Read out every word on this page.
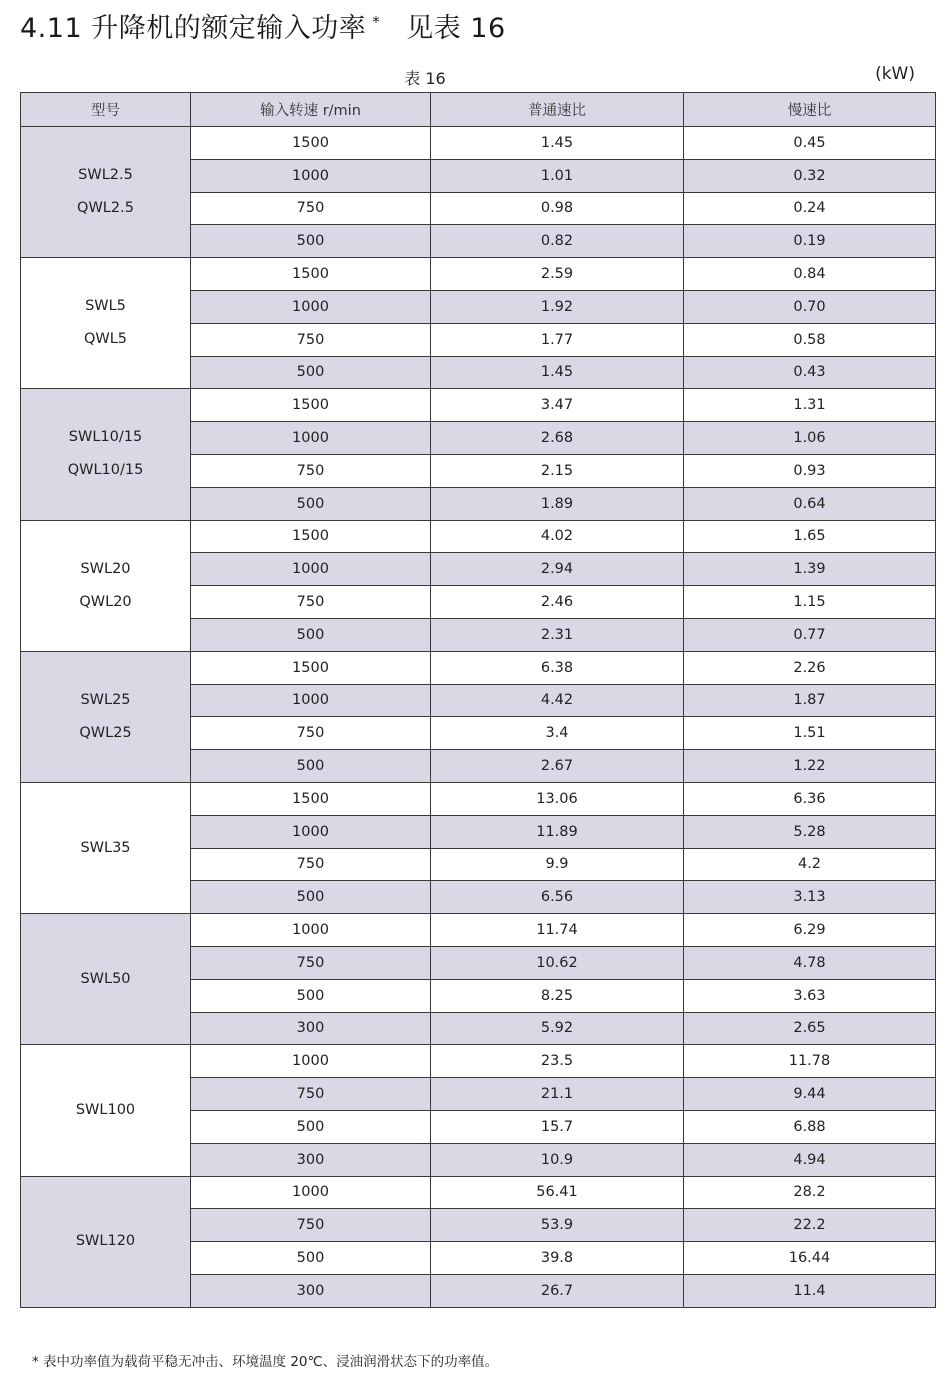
4.11 升降机的额定输入功率 * 见表 16
表 16	(kW)
型号	输入转速 r/min	普通速比	慢速比

SWL2.5
QWL2.5	1500	1.45	0.45
	1000	1.01	0.32
	750	0.98	0.24
	500	0.82	0.19

SWL5
QWL5	1500	2.59	0.84
	1000	1.92	0.70
	750	1.77	0.58
	500	1.45	0.43

SWL10/15
QWL10/15	1500	3.47	1.31
	1000	2.68	1.06
	750	2.15	0.93
	500	1.89	0.64

SWL20
QWL20	1500	4.02	1.65
	1000	2.94	1.39
	750	2.46	1.15
	500	2.31	0.77

SWL25
QWL25	1500	6.38	2.26
	1000	4.42	1.87
	750	3.4	1.51
	500	2.67	1.22

SWL35	1500	13.06	6.36
	1000	11.89	5.28
	750	9.9	4.2
	500	6.56	3.13

SWL50	1000	11.74	6.29
	750	10.62	4.78
	500	8.25	3.63
	300	5.92	2.65

SWL100	1000	23.5	11.78
	750	21.1	9.44
	500	15.7	6.88
	300	10.9	4.94

SWL120	1000	56.41	28.2
	750	53.9	22.2
	500	39.8	16.44
	300	26.7	11.4
* 表中功率值为载荷平稳无冲击、环境温度 20℃、浸油润滑状态下的功率值。
